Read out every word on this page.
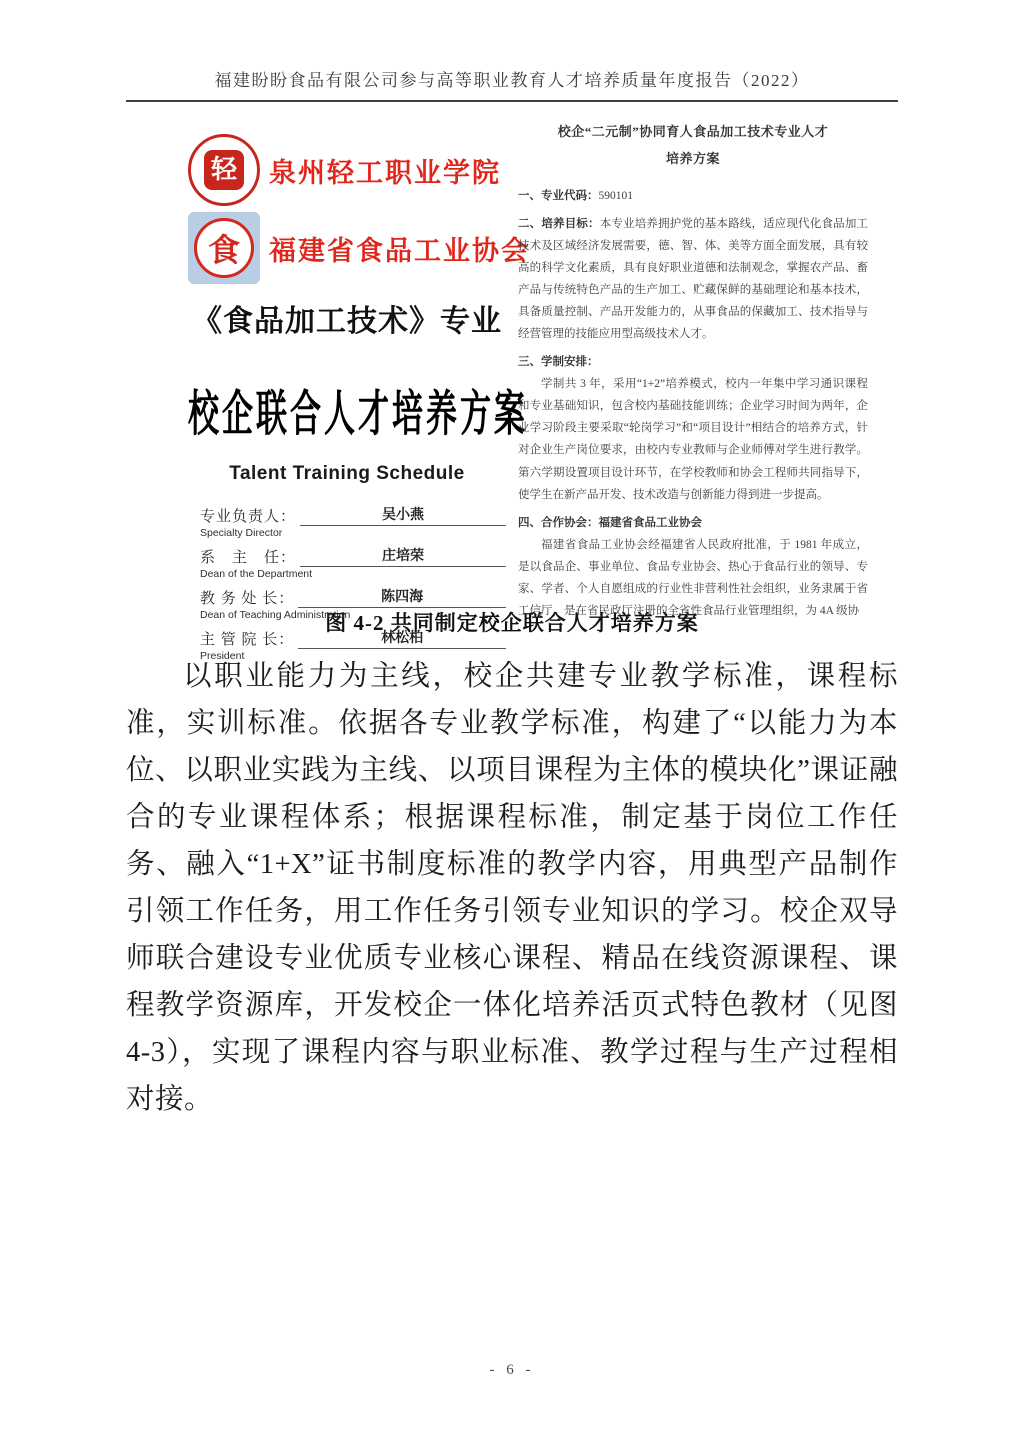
福建盼盼食品有限公司参与高等职业教育人才培养质量年度报告（2022）
轻 泉州轻工职业学院
食 福建省食品工业协会
《食品加工技术》专业
校企联合人才培养方案
Talent Training Schedule
专业负责人：	吴小燕
Specialty Director
系　主　任：	庄培荣
Dean of the Department
教 务 处 长：	陈四海
Dean of Teaching Administration
主 管 院 长：	林松柏
President
校企“二元制”协同育人食品加工技术专业人才
培养方案

一、专业代码：590101

二、培养目标：本专业培养拥护党的基本路线，适应现代化食品加工技术及区域经济发展需要，德、智、体、美等方面全面发展，具有较高的科学文化素质，具有良好职业道德和法制观念，掌握农产品、畜产品与传统特色产品的生产加工、贮藏保鲜的基础理论和基本技术，具备质量控制、产品开发能力的，从事食品的保藏加工、技术指导与经营管理的技能应用型高级技术人才。

三、学制安排：

学制共 3 年，采用“1+2”培养模式，校内一年集中学习通识课程和专业基础知识，包含校内基础技能训练；企业学习时间为两年，企业学习阶段主要采取“轮岗学习”和“项目设计”相结合的培养方式，针对企业生产岗位要求，由校内专业教师与企业师傅对学生进行教学。第六学期设置项目设计环节，在学校教师和协会工程师共同指导下，使学生在新产品开发、技术改造与创新能力得到进一步提高。

四、合作协会：福建省食品工业协会

福建省食品工业协会经福建省人民政府批准，于 1981 年成立，是以食品企、事业单位、食品专业协会、热心于食品行业的领导、专家、学者、个人自愿组成的行业性非营利性社会组织，业务隶属于省工信厅，是在省民政厅注册的全省性食品行业管理组织，为 4A 级协

图 4-2 共同制定校企联合人才培养方案
以职业能力为主线，校企共建专业教学标准，课程标准，实训标准。依据各专业教学标准，构建了“以能力为本位、以职业实践为主线、以项目课程为主体的模块化”课证融合的专业课程体系；根据课程标准，制定基于岗位工作任务、融入“1+X”证书制度标准的教学内容，用典型产品制作引领工作任务，用工作任务引领专业知识的学习。校企双导师联合建设专业优质专业核心课程、精品在线资源课程、课程教学资源库，开发校企一体化培养活页式特色教材（见图 4-3），实现了课程内容与职业标准、教学过程与生产过程相对接。
- 6 -
